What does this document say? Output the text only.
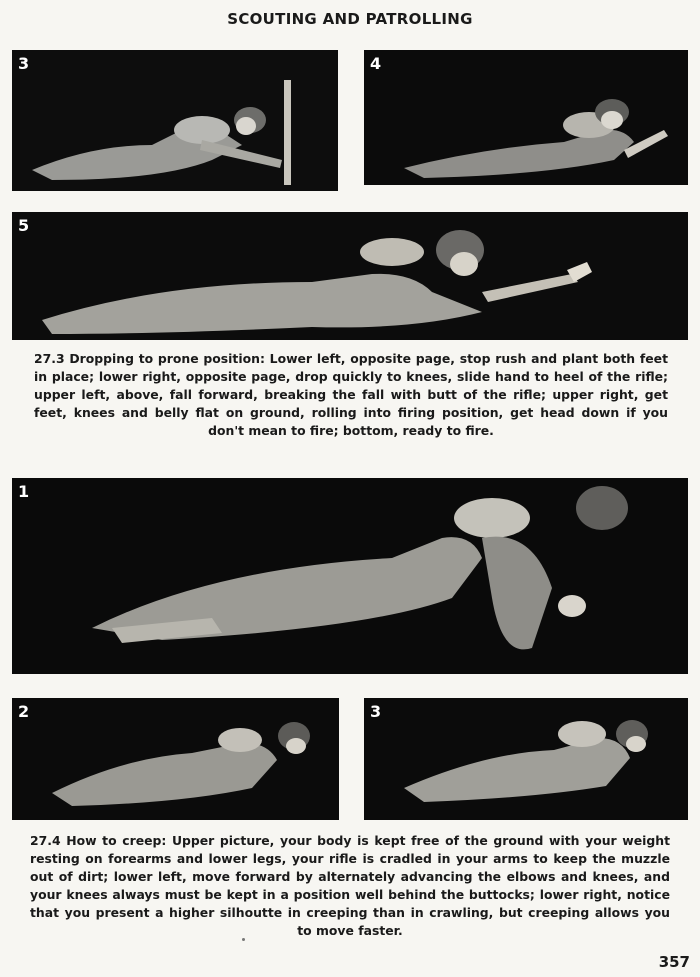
SCOUTING AND PATROLLING
3	4
5
27.3 Dropping to prone position: Lower left, opposite page, stop rush and plant both feet in place; lower right, opposite page, drop quickly to knees, slide hand to heel of the rifle; upper left, above, fall forward, breaking the fall with butt of the rifle; upper right, get feet, knees and belly flat on ground, rolling into firing position, get head down if you don't mean to fire; bottom, ready to fire.
1
2	3
27.4 How to creep: Upper picture, your body is kept free of the ground with your weight resting on forearms and lower legs, your rifle is cradled in your arms to keep the muzzle out of dirt; lower left, move forward by alternately advancing the elbows and knees, and your knees always must be kept in a position well behind the buttocks; lower right, notice that you present a higher silhoutte in creeping than in crawling, but creeping allows you to move faster.
357
